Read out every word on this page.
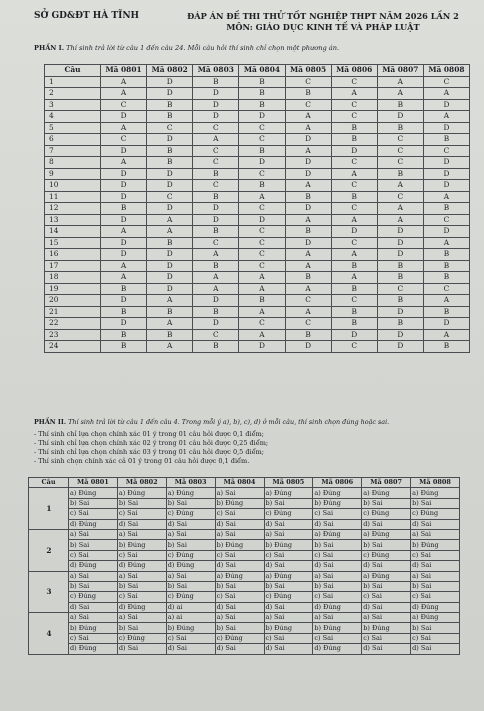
SỞ GD&ĐT HÀ TĨNH	ĐÁP ÁN ĐỀ THI THỬ TỐT NGHIỆP THPT NĂM 2026 LẦN 2
MÔN: GIÁO DỤC KINH TẾ VÀ PHÁP LUẬT
PHẦN I. Thí sinh trả lời từ câu 1 đến câu 24. Mỗi câu hỏi thí sinh chỉ chọn một phương án.
Câu	Mã 0801	Mã 0802	Mã 0803	Mã 0804	Mã 0805	Mã 0806	Mã 0807	Mã 0808
1	A	D	B	B	C	C	A	C
2	A	D	D	B	B	A	A	A
3	C	B	D	B	C	C	B	D
4	D	B	D	D	A	C	D	A
5	A	C	C	C	A	B	B	D
6	C	D	A	C	D	B	C	B
7	D	B	C	B	A	D	C	C
8	A	B	C	D	D	C	C	D
9	D	D	B	C	D	A	B	D
10	D	D	C	B	A	C	A	D
11	D	C	B	A	B	B	C	A
12	B	D	D	C	D	C	A	B
13	D	A	D	D	A	A	A	C
14	A	A	B	C	B	D	D	D
15	D	B	C	C	D	C	D	A
16	D	D	A	C	A	A	D	B
17	A	D	B	C	A	B	B	B
18	A	D	A	A	B	A	B	B
19	B	D	A	A	A	B	C	C
20	D	A	D	B	C	C	B	A
21	B	B	B	A	A	B	D	B
22	D	A	D	C	C	B	B	D
23	B	B	C	A	B	D	D	A
24	B	A	B	D	D	C	D	B
PHẦN II. Thí sinh trả lời từ câu 1 đến câu 4. Trong mỗi ý a), b), c), d) ở mỗi câu, thí sinh chọn đúng hoặc sai.
- Thí sinh chỉ lựa chọn chính xác 01 ý trong 01 câu hỏi được 0,1 điểm;
- Thí sinh chỉ lựa chọn chính xác 02 ý trong 01 câu hỏi được 0,25 điểm;
- Thí sinh chỉ lựa chọn chính xác 03 ý trong 01 câu hỏi được 0,5 điểm;
- Thí sinh chọn chính xác cả 01 ý trong 01 câu hỏi được 0,1 điểm.
Câu	Mã 0801	Mã 0802	Mã 0803	Mã 0804	Mã 0805	Mã 0806	Mã 0807	Mã 0808
1	a) Đúng	a) Đúng	a) Đúng	a) Sai	a) Đúng	a) Đúng	a) Đúng	a) Đúng
	b) Sai	b) Sai	b) Sai	b) Đúng	b) Sai	b) Đúng	b) Sai	b) Sai
	c) Sai	c) Sai	c) Đúng	c) Sai	c) Đúng	c) Sai	c) Đúng	c) Đúng
	d) Đúng	d) Sai	d) Sai	d) Sai	d) Sai	d) Sai	d) Sai	d) Sai
2	a) Sai	a) Sai	a) Sai	a) Sai	a) Sai	a) Đúng	a) Đúng	a) Sai
	b) Sai	b) Đúng	b) Sai	b) Đúng	b) Đúng	b) Sai	b) Sai	b) Đúng
	c) Sai	c) Sai	c) Đúng	c) Sai	c) Sai	c) Sai	c) Đúng	c) Sai
	d) Đúng	d) Đúng	d) Đúng	d) Sai	d) Sai	d) Sai	d) Sai	d) Sai
3	a) Sai	a) Sai	a) Sai	a) Đúng	a) Đúng	a) Sai	a) Đúng	a) Sai
	b) Sai	b) Sai	b) Sai	b) Sai	b) Sai	b) Sai	b) Sai	b) Sai
	c) Đúng	c) Sai	c) Đúng	c) Sai	c) Đúng	c) Sai	c) Sai	c) Sai
	d) Sai	d) Đúng	d) ai	d) Sai	d) Sai	d) Đúng	d) Sai	d) Đúng
4	a) Sai	a) Sai	a) ai	a) Sai	a) Sai	a) Sai	a) Sai	a) Đúng
	b) Đúng	b) Sai	b) Đúng	b) Sai	b) Đúng	b) Đúng	b) Đúng	b) Sai
	c) Sai	c) Đúng	c) Sai	c) Đúng	c) Sai	c) Sai	c) Sai	c) Sai
	d) Đúng	d) Sai	d) Sai	d) Sai	d) Sai	d) Đúng	d) Sai	d) Sai
